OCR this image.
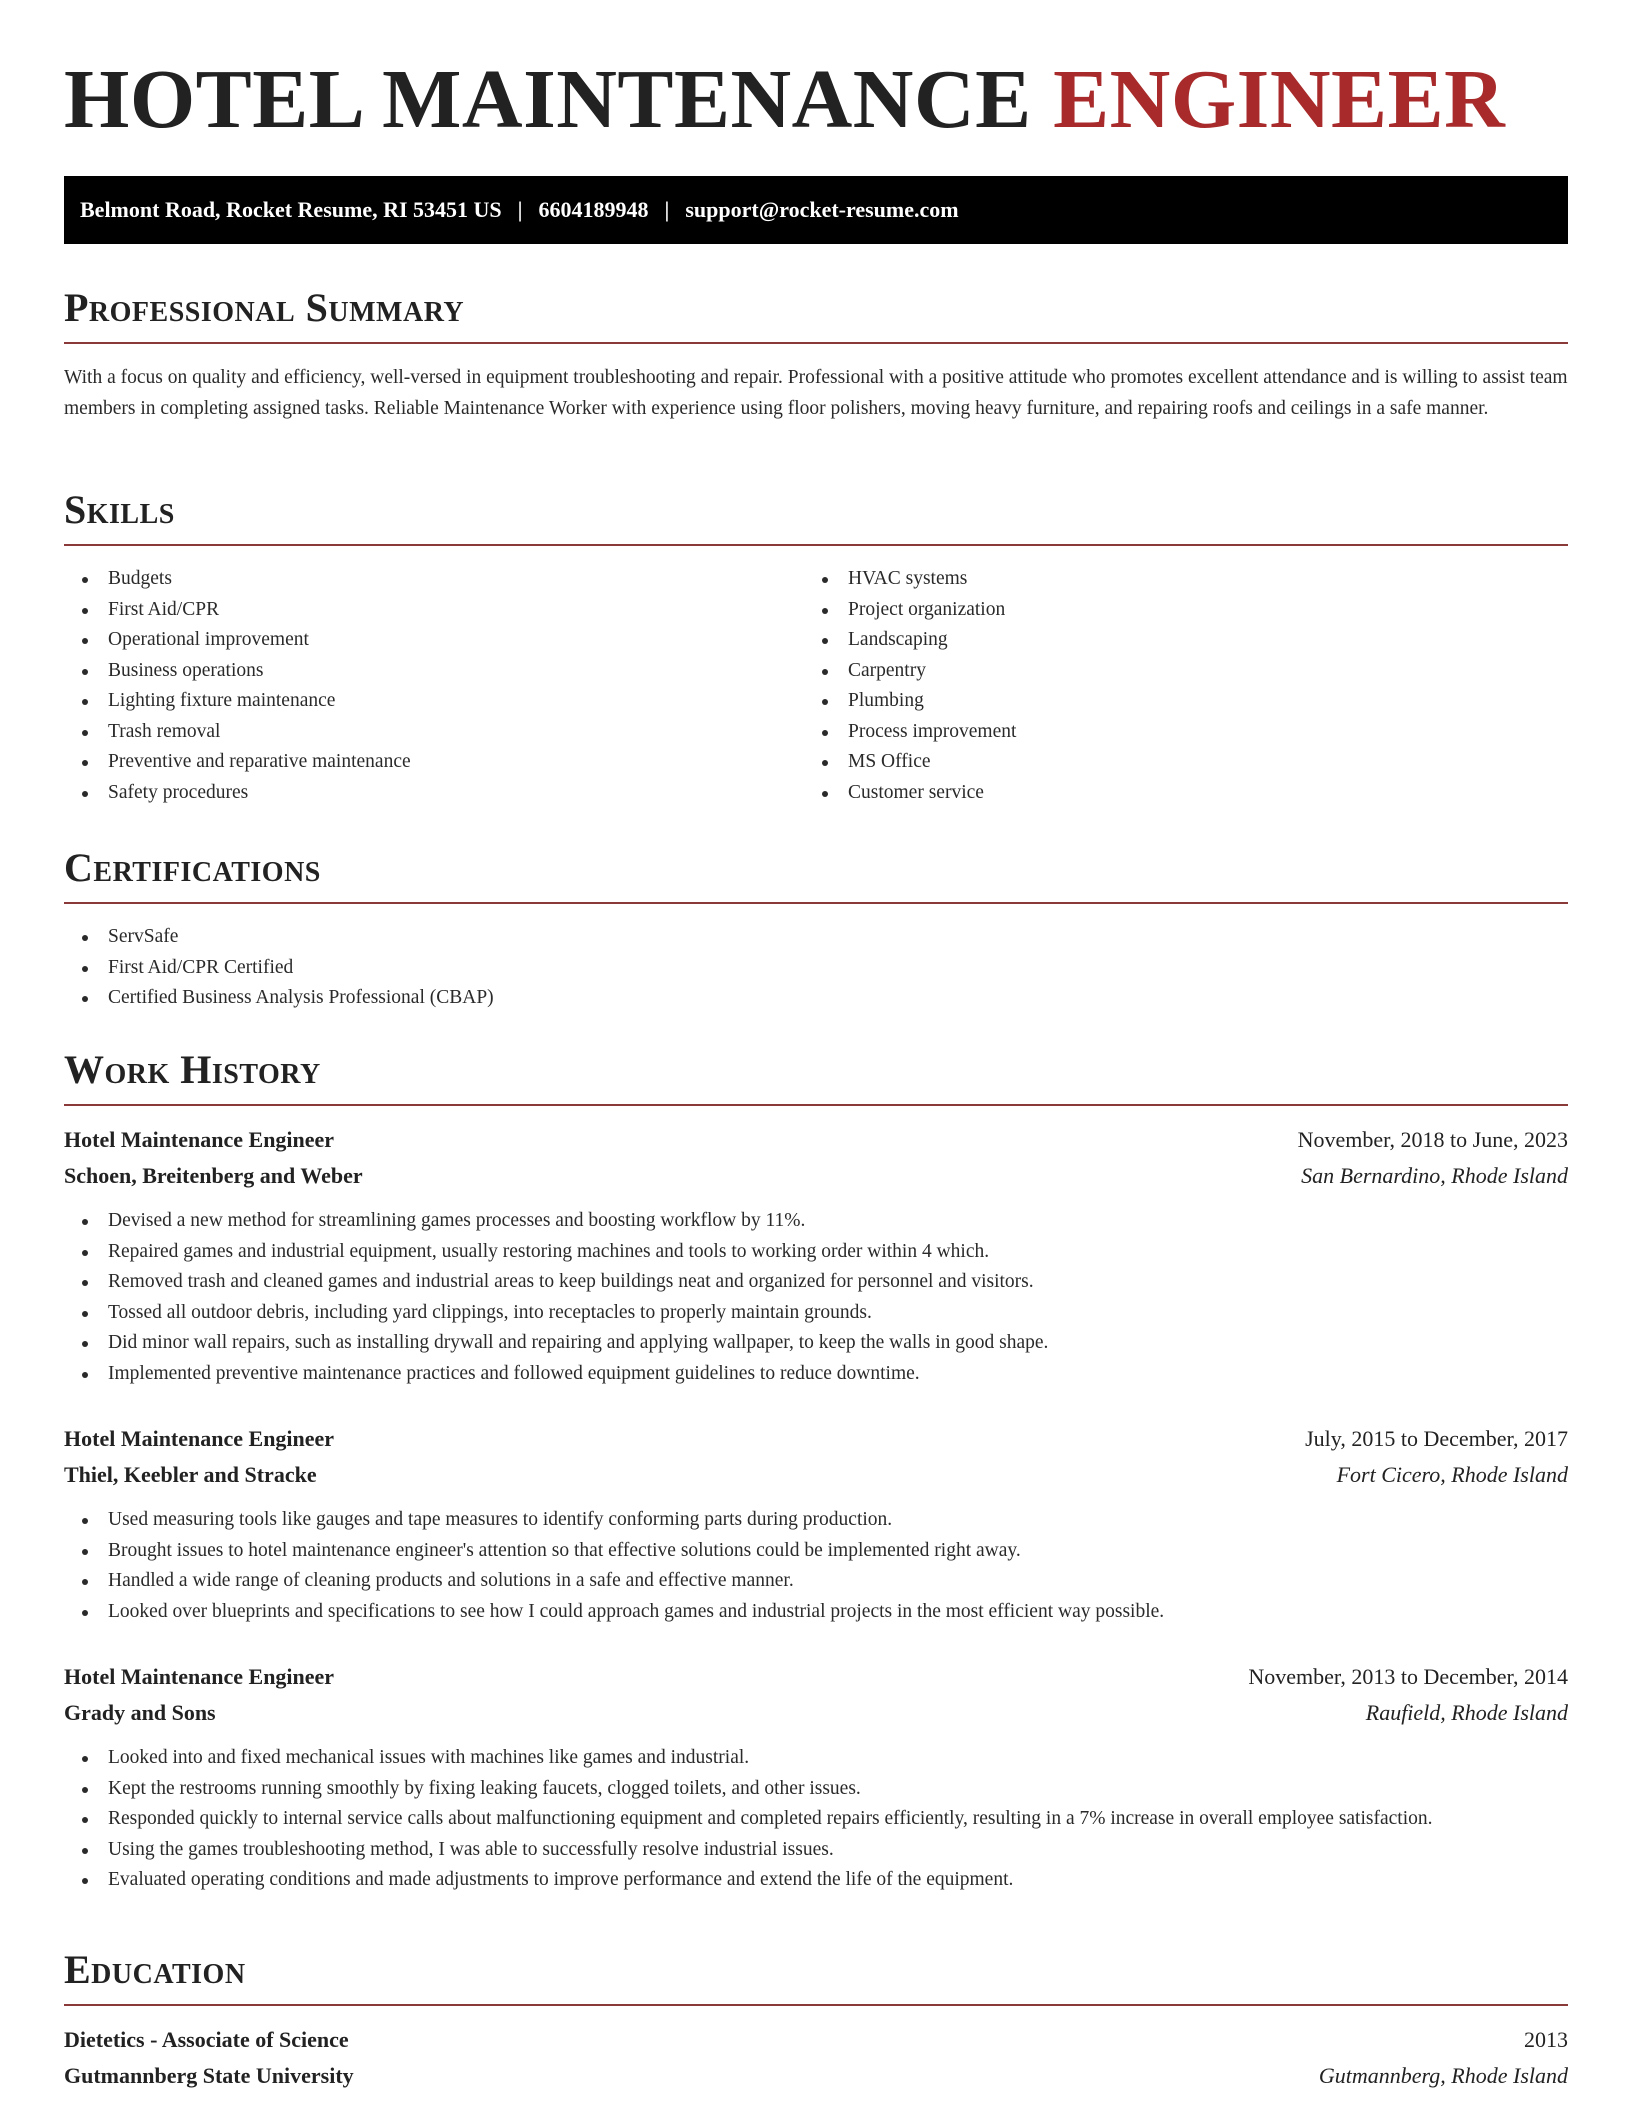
HOTEL MAINTENANCE ENGINEER
Belmont Road, Rocket Resume, RI 53451 US | 6604189948 | support@rocket-resume.com
Professional Summary

With a focus on quality and efficiency, well-versed in equipment troubleshooting and repair. Professional with a positive attitude who promotes excellent attendance and is willing to assist team members in completing assigned tasks. Reliable Maintenance Worker with experience using floor polishers, moving heavy furniture, and repairing roofs and ceilings in a safe manner.

Skills
Budgets
First Aid/CPR
Operational improvement
Business operations
Lighting fixture maintenance
Trash removal
Preventive and reparative maintenance
Safety procedures
HVAC systems
Project organization
Landscaping
Carpentry
Plumbing
Process improvement
MS Office
Customer service
Certifications
ServSafe
First Aid/CPR Certified
Certified Business Analysis Professional (CBAP)
Work History
Hotel Maintenance Engineer	November, 2018 to June, 2023
Schoen, Breitenberg and Weber	San Bernardino, Rhode Island
Devised a new method for streamlining games processes and boosting workflow by 11%.
Repaired games and industrial equipment, usually restoring machines and tools to working order within 4 which.
Removed trash and cleaned games and industrial areas to keep buildings neat and organized for personnel and visitors.
Tossed all outdoor debris, including yard clippings, into receptacles to properly maintain grounds.
Did minor wall repairs, such as installing drywall and repairing and applying wallpaper, to keep the walls in good shape.
Implemented preventive maintenance practices and followed equipment guidelines to reduce downtime.
Hotel Maintenance Engineer	July, 2015 to December, 2017
Thiel, Keebler and Stracke	Fort Cicero, Rhode Island
Used measuring tools like gauges and tape measures to identify conforming parts during production.
Brought issues to hotel maintenance engineer's attention so that effective solutions could be implemented right away.
Handled a wide range of cleaning products and solutions in a safe and effective manner.
Looked over blueprints and specifications to see how I could approach games and industrial projects in the most efficient way possible.
Hotel Maintenance Engineer	November, 2013 to December, 2014
Grady and Sons	Raufield, Rhode Island
Looked into and fixed mechanical issues with machines like games and industrial.
Kept the restrooms running smoothly by fixing leaking faucets, clogged toilets, and other issues.
Responded quickly to internal service calls about malfunctioning equipment and completed repairs efficiently, resulting in a 7% increase in overall employee satisfaction.
Using the games troubleshooting method, I was able to successfully resolve industrial issues.
Evaluated operating conditions and made adjustments to improve performance and extend the life of the equipment.
Education
Dietetics - Associate of Science	2013
Gutmannberg State University	Gutmannberg, Rhode Island
